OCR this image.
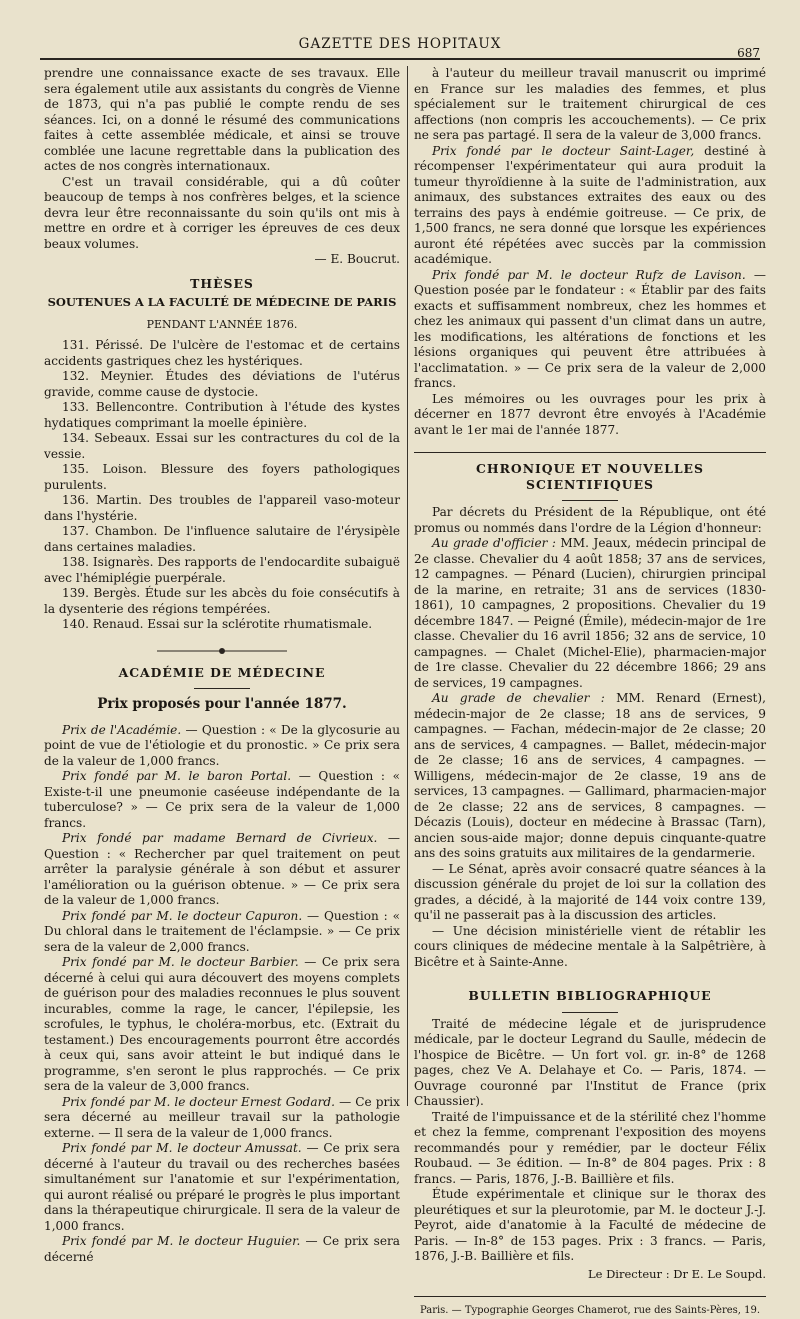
GAZETTE DES HOPITAUX
687

prendre une connaissance exacte de ses travaux. Elle sera également utile aux assistants du congrès de Vienne de 1873, qui n'a pas publié le compte rendu de ses séances. Ici, on a donné le résumé des communications faites à cette assemblée médicale, et ainsi se trouve comblée une lacune regrettable dans la publication des actes de nos congrès internationaux.

C'est un travail considérable, qui a dû coûter beaucoup de temps à nos confrères belges, et la science devra leur être reconnaissante du soin qu'ils ont mis à mettre en ordre et à corriger les épreuves de ces deux beaux volumes.

— E. Boucrut.

THÈSES
SOUTENUES A LA FACULTÉ DE MÉDECINE DE PARIS
PENDANT L'ANNÉE 1876.

131. Périssé. De l'ulcère de l'estomac et de certains accidents gastriques chez les hystériques.

132. Meynier. Études des déviations de l'utérus gravide, comme cause de dystocie.

133. Bellencontre. Contribution à l'étude des kystes hydatiques comprimant la moelle épinière.

134. Sebeaux. Essai sur les contractures du col de la vessie.

135. Loison. Blessure des foyers pathologiques purulents.

136. Martin. Des troubles de l'appareil vaso-moteur dans l'hystérie.

137. Chambon. De l'influence salutaire de l'érysipèle dans certaines maladies.

138. Isignarès. Des rapports de l'endocardite subaiguë avec l'hémiplégie puerpérale.

139. Bergès. Étude sur les abcès du foie consécutifs à la dysenterie des régions tempérées.

140. Renaud. Essai sur la sclérotite rhumatismale.

ACADÉMIE DE MÉDECINE
Prix proposés pour l'année 1877.

Prix de l'Académie. — Question : « De la glycosurie au point de vue de l'étiologie et du pronostic. » Ce prix sera de la valeur de 1,000 francs.

Prix fondé par M. le baron Portal. — Question : « Existe-t-il une pneumonie caséeuse indépendante de la tuberculose? » — Ce prix sera de la valeur de 1,000 francs.

Prix fondé par madame Bernard de Civrieux. — Question : « Rechercher par quel traitement on peut arrêter la paralysie générale à son début et assurer l'amélioration ou la guérison obtenue. » — Ce prix sera de la valeur de 1,000 francs.

Prix fondé par M. le docteur Capuron. — Question : « Du chloral dans le traitement de l'éclampsie. » — Ce prix sera de la valeur de 2,000 francs.

Prix fondé par M. le docteur Barbier. — Ce prix sera décerné à celui qui aura découvert des moyens complets de guérison pour des maladies reconnues le plus souvent incurables, comme la rage, le cancer, l'épilepsie, les scrofules, le typhus, le choléra-morbus, etc. (Extrait du testament.) Des encouragements pourront être accordés à ceux qui, sans avoir atteint le but indiqué dans le programme, s'en seront le plus rapprochés. — Ce prix sera de la valeur de 3,000 francs.

Prix fondé par M. le docteur Ernest Godard. — Ce prix sera décerné au meilleur travail sur la pathologie externe. — Il sera de la valeur de 1,000 francs.

Prix fondé par M. le docteur Amussat. — Ce prix sera décerné à l'auteur du travail ou des recherches basées simultanément sur l'anatomie et sur l'expérimentation, qui auront réalisé ou préparé le progrès le plus important dans la thérapeutique chirurgicale. Il sera de la valeur de 1,000 francs.

Prix fondé par M. le docteur Huguier. — Ce prix sera décerné

à l'auteur du meilleur travail manuscrit ou imprimé en France sur les maladies des femmes, et plus spécialement sur le traitement chirurgical de ces affections (non compris les accouchements). — Ce prix ne sera pas partagé. Il sera de la valeur de 3,000 francs.

Prix fondé par le docteur Saint-Lager, destiné à récompenser l'expérimentateur qui aura produit la tumeur thyroïdienne à la suite de l'administration, aux animaux, des substances extraites des eaux ou des terrains des pays à endémie goitreuse. — Ce prix, de 1,500 francs, ne sera donné que lorsque les expériences auront été répétées avec succès par la commission académique.

Prix fondé par M. le docteur Rufz de Lavison. — Question posée par le fondateur : « Établir par des faits exacts et suffisamment nombreux, chez les hommes et chez les animaux qui passent d'un climat dans un autre, les modifications, les altérations de fonctions et les lésions organiques qui peuvent être attribuées à l'acclimatation. » — Ce prix sera de la valeur de 2,000 francs.

Les mémoires ou les ouvrages pour les prix à décerner en 1877 devront être envoyés à l'Académie avant le 1er mai de l'année 1877.

CHRONIQUE ET NOUVELLES SCIENTIFIQUES

Par décrets du Président de la République, ont été promus ou nommés dans l'ordre de la Légion d'honneur:

Au grade d'officier : MM. Jeaux, médecin principal de 2e classe. Chevalier du 4 août 1858; 37 ans de services, 12 campagnes. — Pénard (Lucien), chirurgien principal de la marine, en retraite; 31 ans de services (1830-1861), 10 campagnes, 2 propositions. Chevalier du 19 décembre 1847. — Peigné (Émile), médecin-major de 1re classe. Chevalier du 16 avril 1856; 32 ans de service, 10 campagnes. — Chalet (Michel-Elie), pharmacien-major de 1re classe. Chevalier du 22 décembre 1866; 29 ans de services, 19 campagnes.

Au grade de chevalier : MM. Renard (Ernest), médecin-major de 2e classe; 18 ans de services, 9 campagnes. — Fachan, médecin-major de 2e classe; 20 ans de services, 4 campagnes. — Ballet, médecin-major de 2e classe; 16 ans de services, 4 campagnes. — Willigens, médecin-major de 2e classe, 19 ans de services, 13 campagnes. — Gallimard, pharmacien-major de 2e classe; 22 ans de services, 8 campagnes. — Décazis (Louis), docteur en médecine à Brassac (Tarn), ancien sous-aide major; donne depuis cinquante-quatre ans des soins gratuits aux militaires de la gendarmerie.

— Le Sénat, après avoir consacré quatre séances à la discussion générale du projet de loi sur la collation des grades, a décidé, à la majorité de 144 voix contre 139, qu'il ne passerait pas à la discussion des articles.

— Une décision ministérielle vient de rétablir les cours cliniques de médecine mentale à la Salpêtrière, à Bicêtre et à Sainte-Anne.

BULLETIN BIBLIOGRAPHIQUE

Traité de médecine légale et de jurisprudence médicale, par le docteur Legrand du Saulle, médecin de l'hospice de Bicêtre. — Un fort vol. gr. in-8° de 1268 pages, chez Ve A. Delahaye et Co. — Paris, 1874. — Ouvrage couronné par l'Institut de France (prix Chaussier).

Traité de l'impuissance et de la stérilité chez l'homme et chez la femme, comprenant l'exposition des moyens recommandés pour y remédier, par le docteur Félix Roubaud. — 3e édition. — In-8° de 804 pages. Prix : 8 francs. — Paris, 1876, J.-B. Baillière et fils.

Étude expérimentale et clinique sur le thorax des pleurétiques et sur la pleurotomie, par M. le docteur J.-J. Peyrot, aide d'anatomie à la Faculté de médecine de Paris. — In-8° de 153 pages. Prix : 3 francs. — Paris, 1876, J.-B. Baillière et fils.

Le Directeur : Dr E. Le Soupd.
Paris. — Typographie Georges Chamerot, rue des Saints-Pères, 19.
